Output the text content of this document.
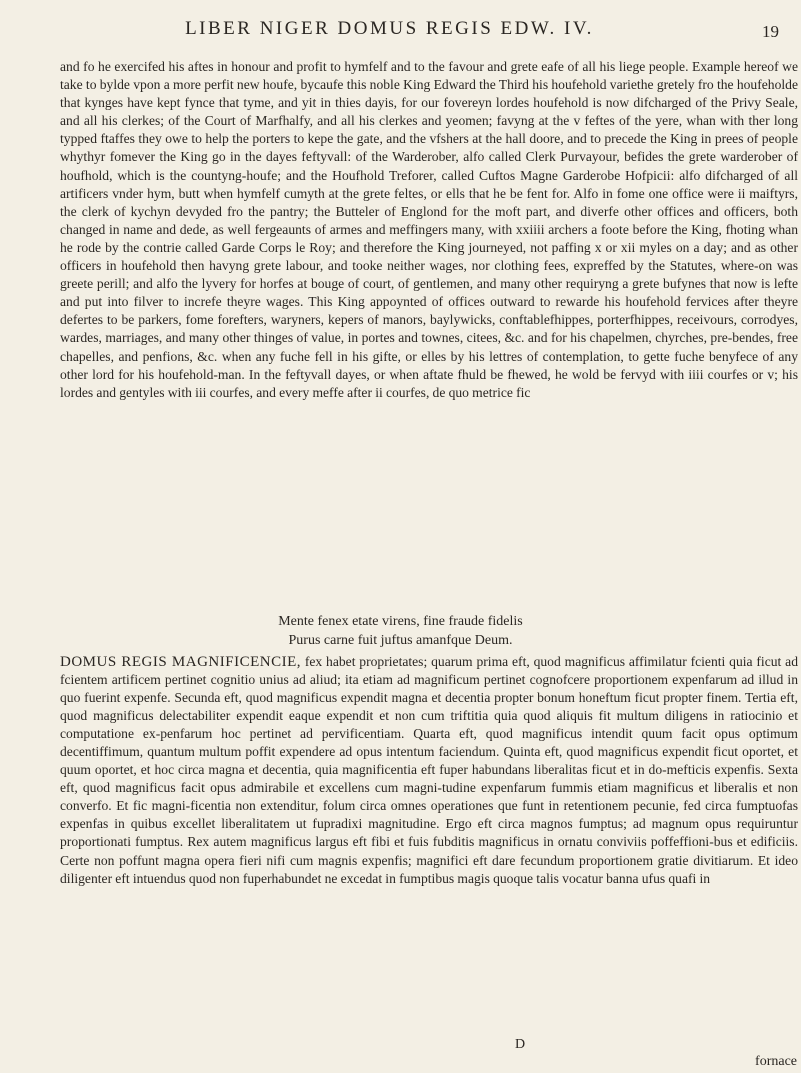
LIBER NIGER DOMUS REGIS EDW. IV.	19

and fo he exercifed his aftes in honour and profit to hymfelf and to the favour and grete eafe of all his liege people. Example hereof we take to bylde vpon a more perfit new houfe, bycaufe this noble King Edward the Third his houfehold variethe gretely fro the houfeholde that kynges have kept fynce that tyme, and yit in thies dayis, for our fovereyn lordes houfehold is now difcharged of the Privy Seale, and all his clerkes; of the Court of Marfhalfy, and all his clerkes and yeomen; favyng at the v feftes of the yere, whan with ther long typped ftaffes they owe to help the porters to kepe the gate, and the vfshers at the hall doore, and to precede the King in prees of people whythyr fomever the King go in the dayes feftyvall: of the Warderober, alfo called Clerk Purvayour, befides the grete warderober of houfhold, which is the countyng-houfe; and the Houfhold Treforer, called Cuftos Magne Garderobe Hofpicii: alfo difcharged of all artificers vnder hym, butt when hymfelf cumyth at the grete feltes, or ells that he be fent for. Alfo in fome one office were ii maiftyrs, the clerk of kychyn devyded fro the pantry; the Butteler of Englond for the moft part, and diverfe other offices and officers, both changed in name and dede, as well fergeaunts of armes and meffingers many, with xxiiii archers a foote before the King, fhoting whan he rode by the contrie called Garde Corps le Roy; and therefore the King journeyed, not paffing x or xii myles on a day; and as other officers in houfehold then havyng grete labour, and tooke neither wages, nor clothing fees, expreffed by the Statutes, where-on was greete perill; and alfo the lyvery for horfes at bouge of court, of gentlemen, and many other requiryng a grete bufynes that now is lefte and put into filver to increfe theyre wages. This King appoynted of offices outward to rewarde his houfehold fervices after theyre defertes to be parkers, fome forefters, waryners, kepers of manors, baylywicks, conftablefhippes, porterfhippes, receivours, corrodyes, wardes, marriages, and many other thinges of value, in portes and townes, citees, &c. and for his chapelmen, chyrches, pre-bendes, free chapelles, and penfions, &c. when any fuche fell in his gifte, or elles by his lettres of contemplation, to gette fuche benyfece of any other lord for his houfehold-man. In the feftyvall dayes, or when aftate fhuld be fhewed, he wold be fervyd with iiii courfes or v; his lordes and gentyles with iii courfes, and every meffe after ii courfes, de quo metrice fic

Mente fenex etate virens, fine fraude fidelis
Purus carne fuit juftus amanfque Deum.
DOMUS REGIS MAGNIFICENCIE, fex habet proprietates; quarum prima eft, quod magnificus affimilatur fcienti quia ficut ad fcientem artificem pertinet cognitio unius ad aliud; ita etiam ad magnificum pertinet cognofcere proportionem expenfarum ad illud in quo fuerint expenfe. Secunda eft, quod magnificus expendit magna et decentia propter bonum honeftum ficut propter finem. Tertia eft, quod magnificus delectabiliter expendit eaque expendit et non cum triftitia quia quod aliquis fit multum diligens in ratiocinio et computatione ex-penfarum hoc pertinet ad pervificentiam. Quarta eft, quod magnificus intendit quum facit opus optimum decentiffimum, quantum multum poffit expendere ad opus intentum faciendum. Quinta eft, quod magnificus expendit ficut oportet, et quum oportet, et hoc circa magna et decentia, quia magnificentia eft fuper habundans liberalitas ficut et in do-mefticis expenfis. Sexta eft, quod magnificus facit opus admirabile et excellens cum magni-tudine expenfarum fummis etiam magnificus et liberalis et non converfo. Et fic magni-ficentia non extenditur, folum circa omnes operationes que funt in retentionem pecunie, fed circa fumptuofas expenfas in quibus excellet liberalitatem ut fupradixi magnitudine. Ergo eft circa magnos fumptus; ad magnum opus requiruntur proportionati fumptus. Rex autem magnificus largus eft fibi et fuis fubditis magnificus in ornatu conviviis poffeffioni-bus et edificiis. Certe non poffunt magna opera fieri nifi cum magnis expenfis; magnifici eft dare fecundum proportionem gratie divitiarum. Et ideo diligenter eft intuendus quod non fuperhabundet ne excedat in fumptibus magis quoque talis vocatur banna ufus quafi in
D
fornace
